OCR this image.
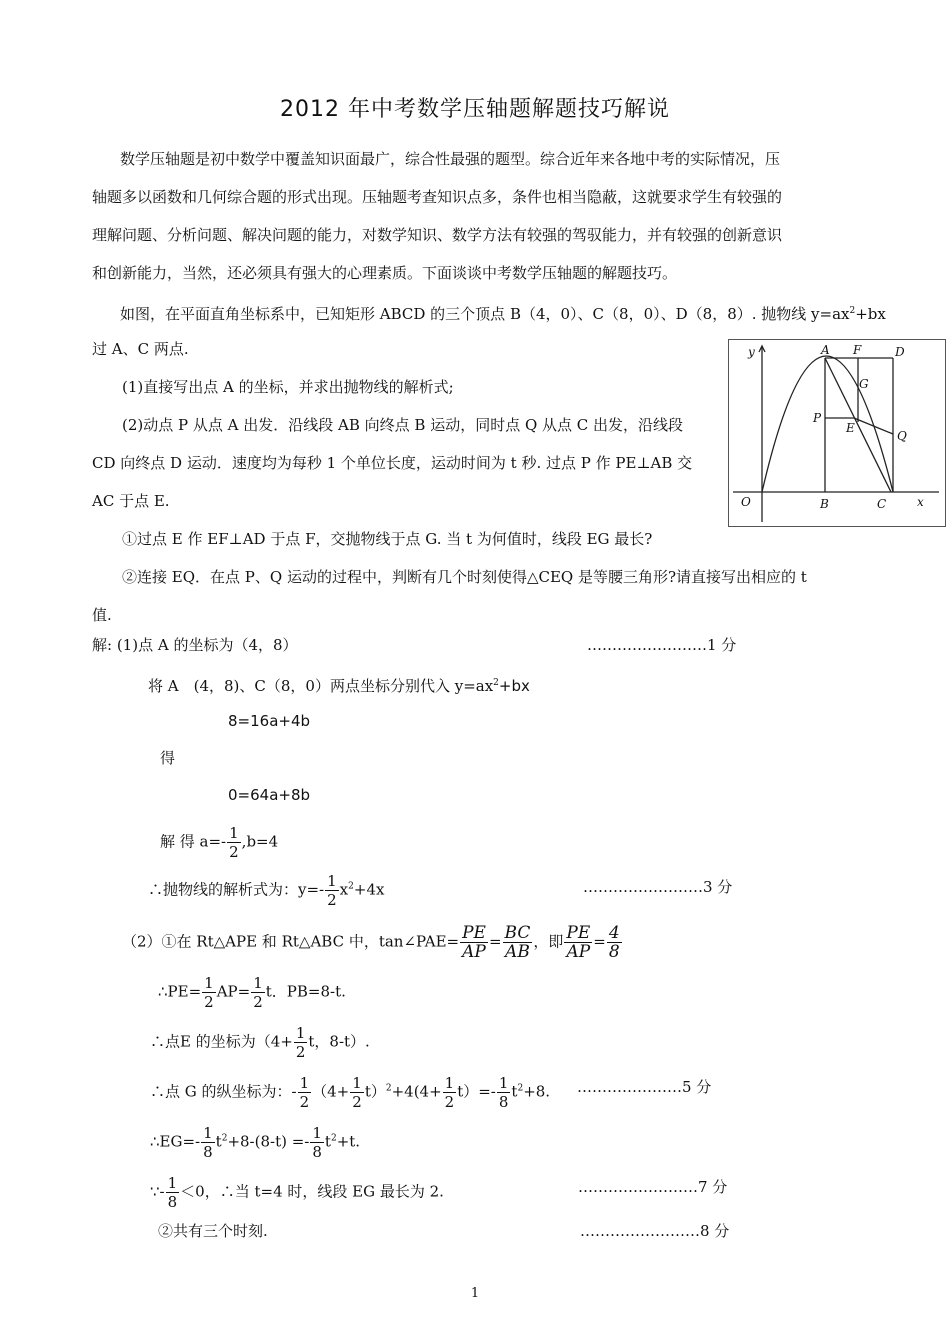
2012 年中考数学压轴题解题技巧解说
数学压轴题是初中数学中覆盖知识面最广，综合性最强的题型。综合近年来各地中考的实际情况，压
轴题多以函数和几何综合题的形式出现。压轴题考查知识点多，条件也相当隐蔽，这就要求学生有较强的
理解问题、分析问题、解决问题的能力，对数学知识、数学方法有较强的驾驭能力，并有较强的创新意识
和创新能力，当然，还必须具有强大的心理素质。下面谈谈中考数学压轴题的解题技巧。
如图，在平面直角坐标系中，已知矩形 ABCD 的三个顶点 B（4，0）、C（8，0）、D（8，8）. 抛物线 $y=ax^2+bx$
过 A、C 两点.
(1)直接写出点 A 的坐标，并求出抛物线的解析式;
(2)动点 P 从点 A 出发．沿线段 AB 向终点 B 运动，同时点 Q 从点 C 出发，沿线段
CD 向终点 D 运动．速度均为每秒 1 个单位长度，运动时间为 t 秒. 过点 P 作 PE⊥AB 交
AC 于点 E.
①过点 E 作 EF⊥AD 于点 F，交抛物线于点 G. 当 t 为何值时，线段 EG 最长?
②连接 EQ．在点 P、Q 运动的过程中，判断有几个时刻使得△CEQ 是等腰三角形?请直接写出相应的 t
值.
y
x
O
A F	D
G
P
E
Q
B	C
解: (1)点 A 的坐标为（4，8）	……………………1 分
将 A　(4，8)、C（8，0）两点坐标分别代入 $y=ax^2+bx$
8=16a+4b
得
0=64a+8b
解 得 $a=- \frac{1}{2} ,b=4$
∴抛物线的解析式为：$y=- \frac{1}{2} x^2+4x$	……………………3 分
（2）①在 Rt△APE 和 Rt△ABC 中，tan∠PAE= $\frac{PE}{AP} = \frac{BC}{AB}$ ，即 $\frac{PE}{AP} = \frac{4}{8}$
∴PE= $\frac{1}{2} AP= \frac{1}{2}$ t．PB=8-t.
∴点E 的坐标为（$4+ \frac{1}{2}$ t，8-t）.
∴点 G 的纵坐标为：- $\frac{1}{2} (4+ \frac{1}{2} t)^2+4(4+ \frac{1}{2} t)=- \frac{1}{8} t^2+8$. …………………5 分
∴EG=- $\frac{1}{8} t^2+8-(8-t) =- \frac{1}{8} t^2+t$.
∵- $\frac{1}{8} <0$，∴当 t=4 时，线段 EG 最长为 2.	……………………7 分
②共有三个时刻.	……………………8 分
1
